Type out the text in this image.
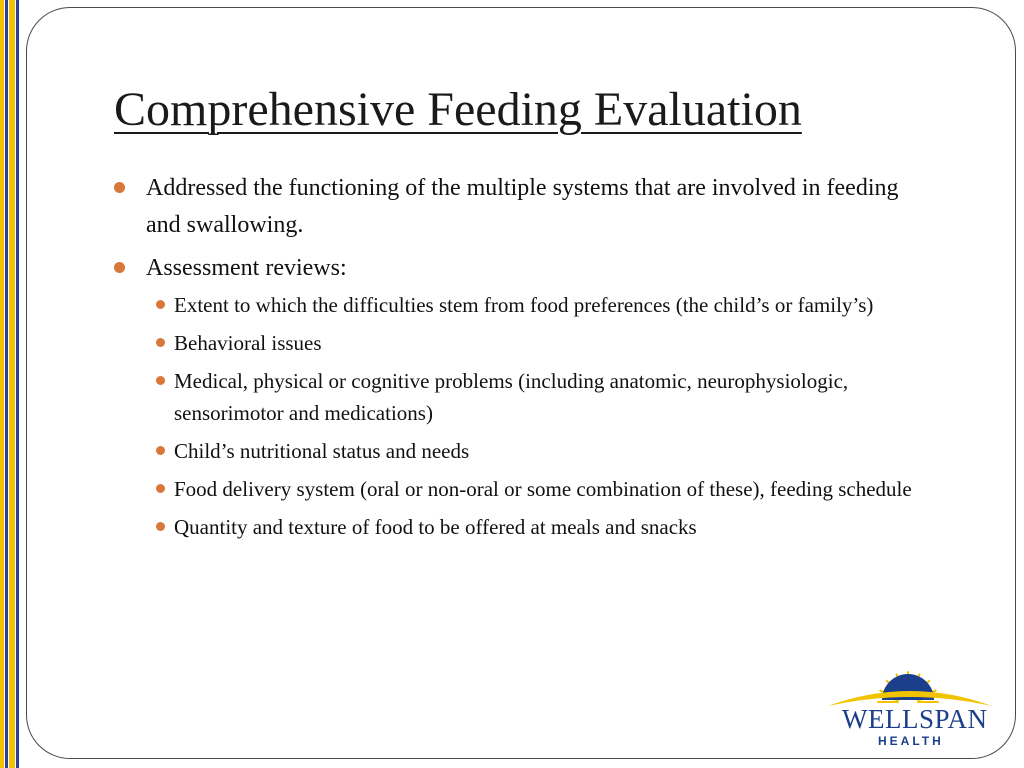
Comprehensive Feeding Evaluation
Addressed the functioning of the multiple systems that are involved in feeding and swallowing.
Assessment reviews:
Extent to which the difficulties stem from food preferences (the child’s or family’s)
Behavioral issues
Medical, physical or cognitive problems (including anatomic, neurophysiologic, sensorimotor and medications)
Child’s nutritional status and needs
Food delivery system (oral or non-oral or some combination of these), feeding schedule
Quantity and texture of food to be offered at meals and snacks
WELLSPAN
HEALTH
